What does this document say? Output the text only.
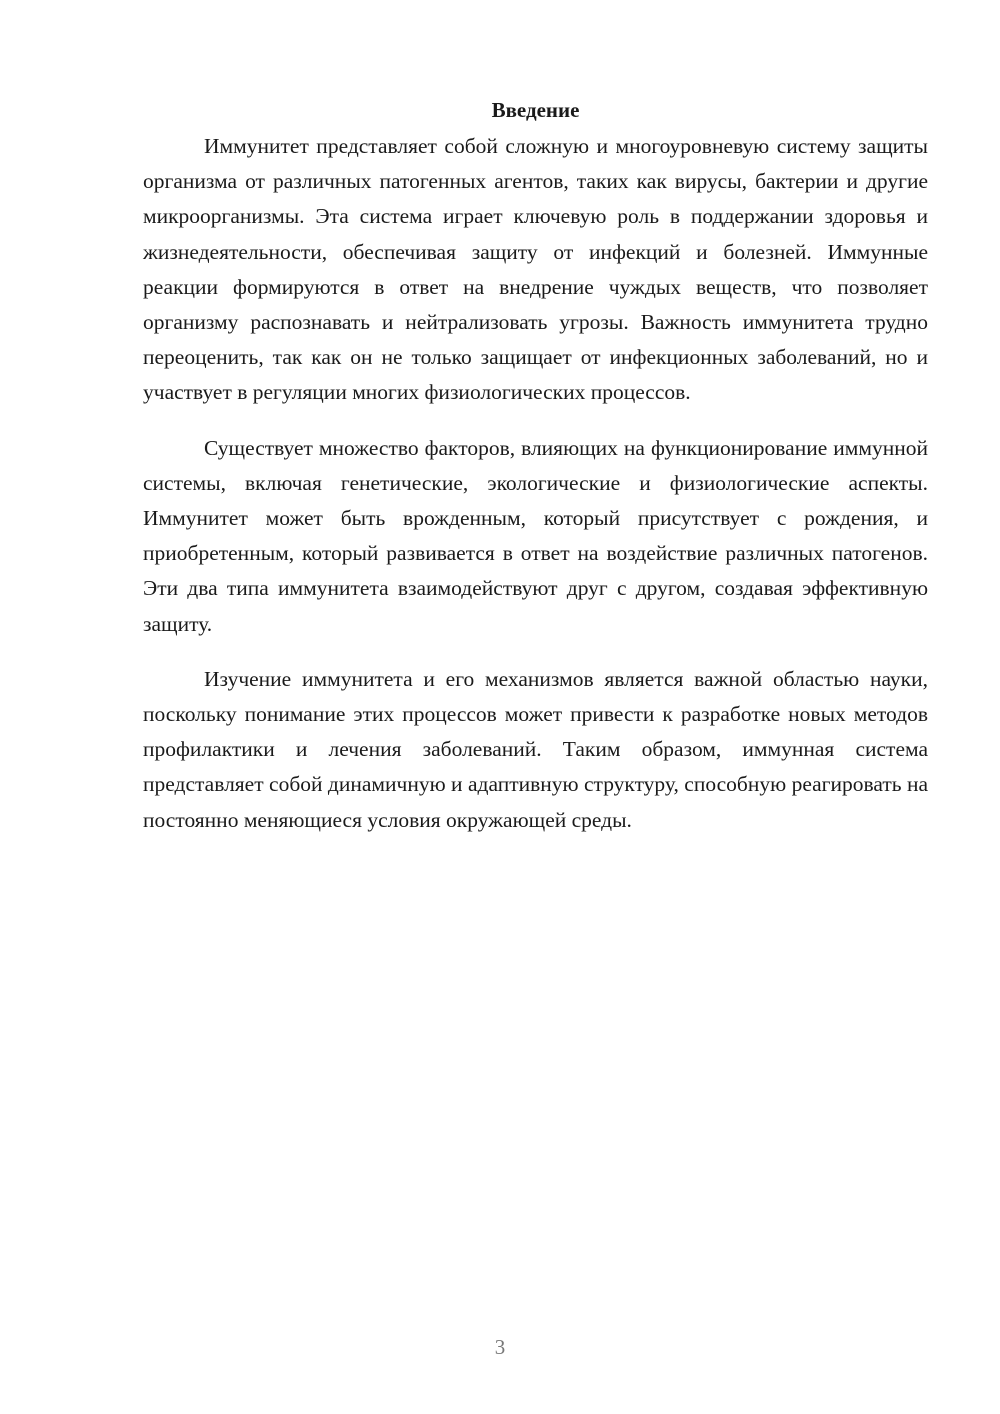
Введение

Иммунитет представляет собой сложную и многоуровневую систему защиты организма от различных патогенных агентов, таких как вирусы, бактерии и другие микроорганизмы. Эта система играет ключевую роль в поддержании здоровья и жизнедеятельности, обеспечивая защиту от инфекций и болезней. Иммунные реакции формируются в ответ на внедрение чуждых веществ, что позволяет организму распознавать и нейтрализовать угрозы. Важность иммунитета трудно переоценить, так как он не только защищает от инфекционных заболеваний, но и участвует в регуляции многих физиологических процессов.

Существует множество факторов, влияющих на функционирование иммунной системы, включая генетические, экологические и физиологические аспекты. Иммунитет может быть врожденным, который присутствует с рождения, и приобретенным, который развивается в ответ на воздействие различных патогенов. Эти два типа иммунитета взаимодействуют друг с другом, создавая эффективную защиту.

Изучение иммунитета и его механизмов является важной областью науки, поскольку понимание этих процессов может привести к разработке новых методов профилактики и лечения заболеваний. Таким образом, иммунная система представляет собой динамичную и адаптивную структуру, способную реагировать на постоянно меняющиеся условия окружающей среды.

3
